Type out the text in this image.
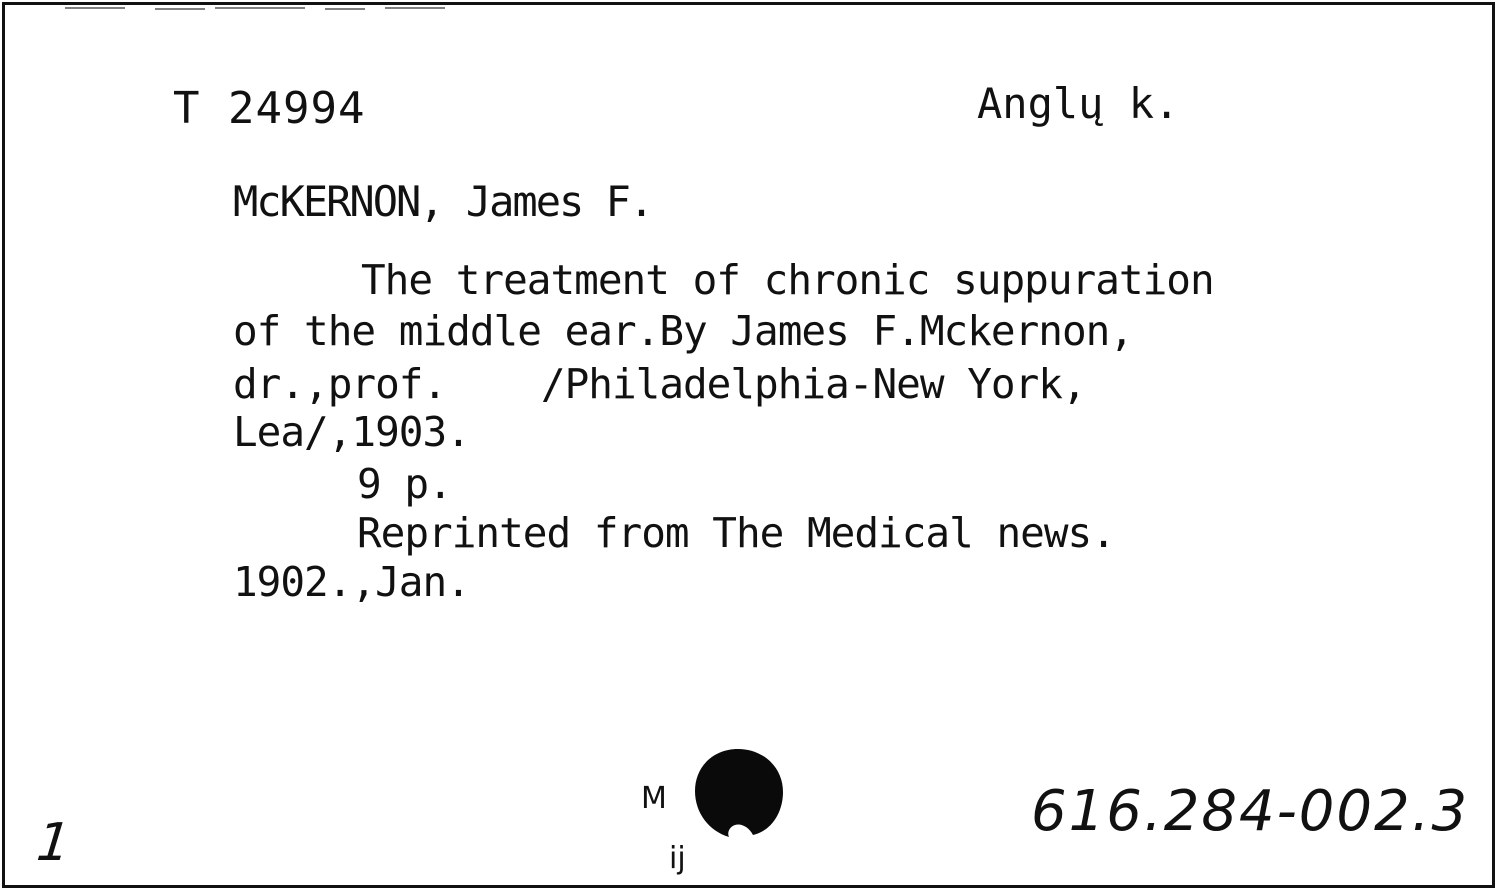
T 24994	Anglų k.

McKERNON, James F.

The treatment of chronic suppuration

of the middle ear.By James F.Mckernon,

dr.,prof.    /Philadelphia-New York,

Lea/,1903.

9 p.

Reprinted from The Medical news.

1902.,Jan.

1

M

ij

616.284-002.3
